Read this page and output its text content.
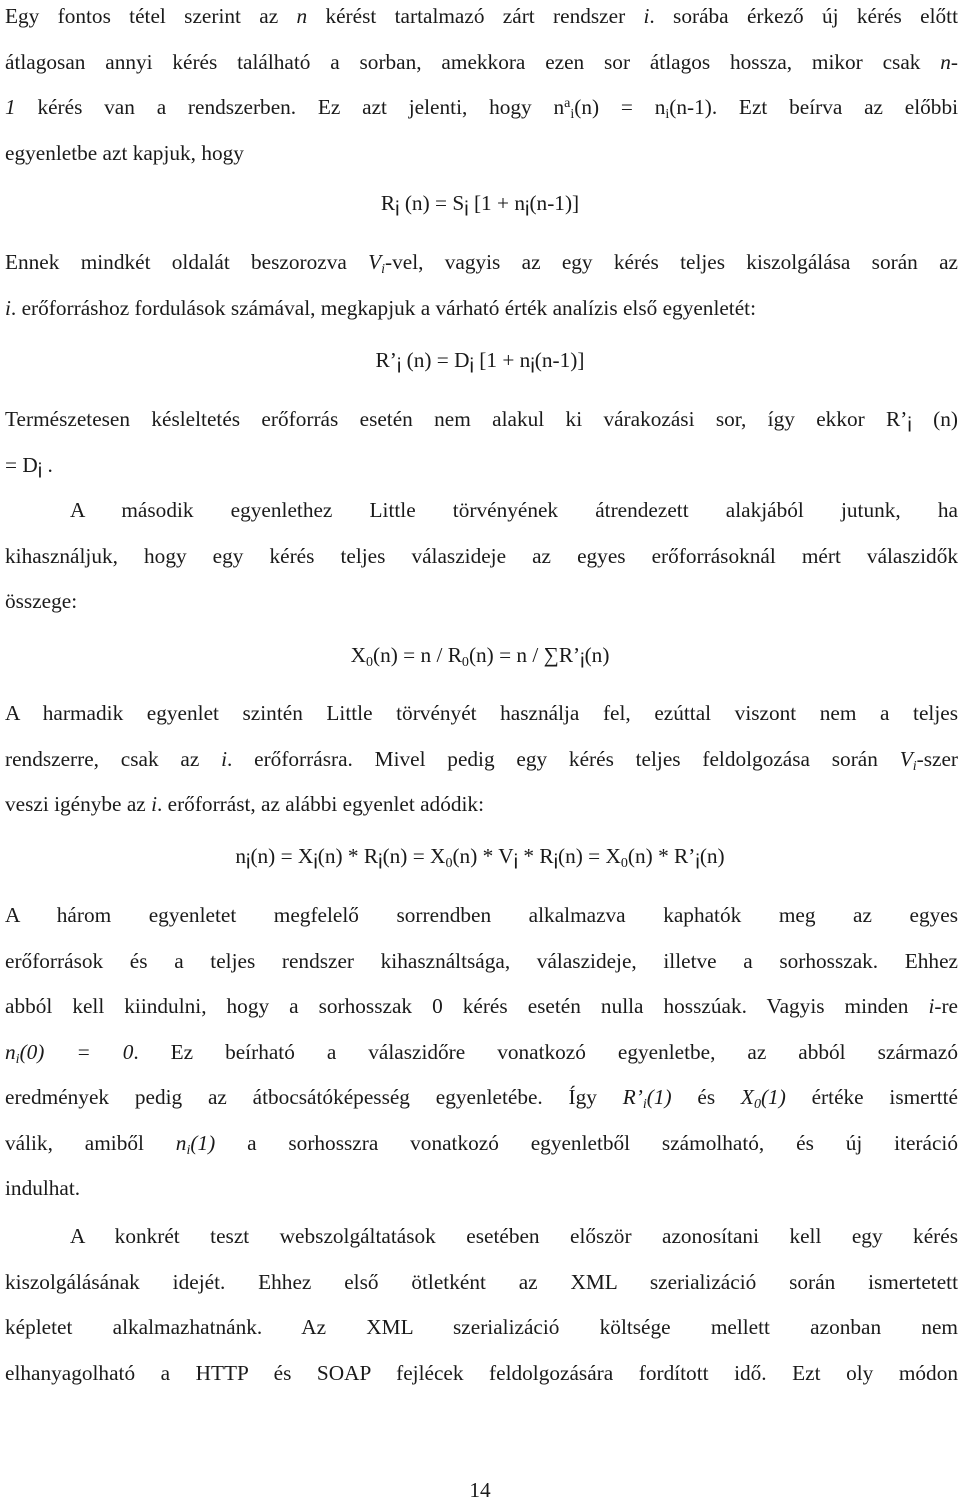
Egy fontos tétel szerint az n kérést tartalmazó zárt rendszer i. sorába érkező új kérés előtt
átlagosan annyi kérés található a sorban, amekkora ezen sor átlagos hossza, mikor csak n-
1 kérés van a rendszerben. Ez azt jelenti, hogy $n^a_i(n) = n_i(n-1)$. Ezt beírva az előbbi
egyenletbe azt kapjuk, hogy
$R_i$ $(n) = S_i$ $[1 + n_i(n-1)]$
Ennek mindkét oldalát beszorozva $V_i$-vel, vagyis az egy kérés teljes kiszolgálása során az
i. erőforráshoz fordulások számával, megkapjuk a várható érték analízis első egyenletét:
$R’_i$ $(n) = D_i$ $[1 + n_i(n-1)]$
Természetesen késleltetés erőforrás esetén nem alakul ki várakozási sor, így ekkor $R’_i$ (n)
= $D_i$ .
A második egyenlethez Little törvényének átrendezett alakjából jutunk, ha
kihasználjuk, hogy egy kérés teljes válaszideje az egyes erőforrásoknál mért válaszidők
összege:
$X_0(n) = n / R_0(n) = n$ / $\sum R’_i(n)$
A harmadik egyenlet szintén Little törvényét használja fel, ezúttal viszont nem a teljes
rendszerre, csak az i. erőforrásra. Mivel pedig egy kérés teljes feldolgozása során $V_i$-szer
veszi igénybe az i. erőforrást, az alábbi egyenlet adódik:
$n_i(n) = X_i(n) * R_i(n) = X_0(n) * V_i * R_i(n) = X_0(n)$ * $R’_i(n)$
A három egyenletet megfelelő sorrendben alkalmazva kaphatók meg az egyes
erőforrások és a teljes rendszer kihasználtsága, válaszideje, illetve a sorhosszak. Ehhez
abból kell kiindulni, hogy a sorhosszak 0 kérés esetén nulla hosszúak. Vagyis minden i-re
$n_i(0) = 0$. Ez beírható a válaszidőre vonatkozó egyenletbe, az abból származó
eredmények pedig az átbocsátóképesség egyenletébe. Így $R’_i(1)$ és $X_0(1)$ értéke ismertté
válik, amiből $n_i(1)$ a sorhosszra vonatkozó egyenletből számolható, és új iteráció
indulhat.
A konkrét teszt webszolgáltatások esetében először azonosítani kell egy kérés
kiszolgálásának idejét. Ehhez első ötletként az XML szerializáció során ismertetett
képletet alkalmazhatnánk. Az XML szerializáció költsége mellett azonban nem
elhanyagolható a HTTP és SOAP fejlécek feldolgozására fordított idő. Ezt oly módon
14
